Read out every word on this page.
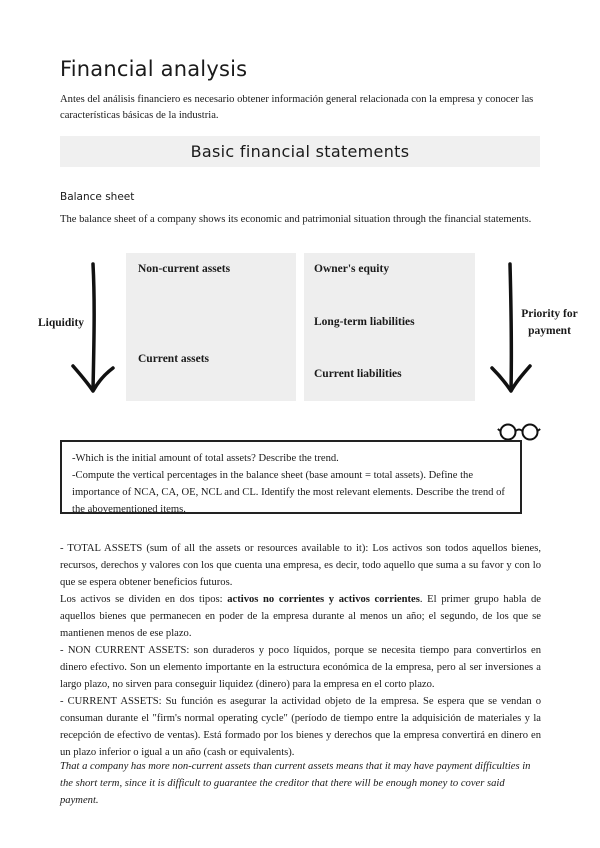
Financial analysis

Antes del análisis financiero es necesario obtener información general relacionada con la empresa y conocer las características básicas de la industria.

Basic financial statements
Balance sheet

The balance sheet of a company shows its economic and patrimonial situation through the financial statements.

Non-current assets
Current assets
Owner's equity
Long-term liabilities
Current liabilities
Liquidity
Priority for
payment

-Which is the initial amount of total assets? Describe the trend.

-Compute the vertical percentages in the balance sheet (base amount = total assets). Define the importance of NCA, CA, OE, NCL and CL. Identify the most relevant elements. Describe the trend of the abovementioned items.

- TOTAL ASSETS (sum of all the assets or resources available to it): Los activos son todos aquellos bienes, recursos, derechos y valores con los que cuenta una empresa, es decir, todo aquello que suma a su favor y con lo que se espera obtener beneficios futuros.

Los activos se dividen en dos tipos: activos no corrientes y activos corrientes. El primer grupo habla de aquellos bienes que permanecen en poder de la empresa durante al menos un año; el segundo, de los que se mantienen menos de ese plazo.

- NON CURRENT ASSETS: son duraderos y poco líquidos, porque se necesita tiempo para convertirlos en dinero efectivo. Son un elemento importante en la estructura económica de la empresa, pero al ser inversiones a largo plazo, no sirven para conseguir liquidez (dinero) para la empresa en el corto plazo.

- CURRENT ASSETS: Su función es asegurar la actividad objeto de la empresa. Se espera que se vendan o consuman durante el "firm's normal operating cycle" (período de tiempo entre la adquisición de materiales y la recepción de efectivo de ventas). Está formado por los bienes y derechos que la empresa convertirá en dinero en un plazo inferior o igual a un año (cash or equivalents).

That a company has more non-current assets than current assets means that it may have payment difficulties in the short term, since it is difficult to guarantee the creditor that there will be enough money to cover said payment.
